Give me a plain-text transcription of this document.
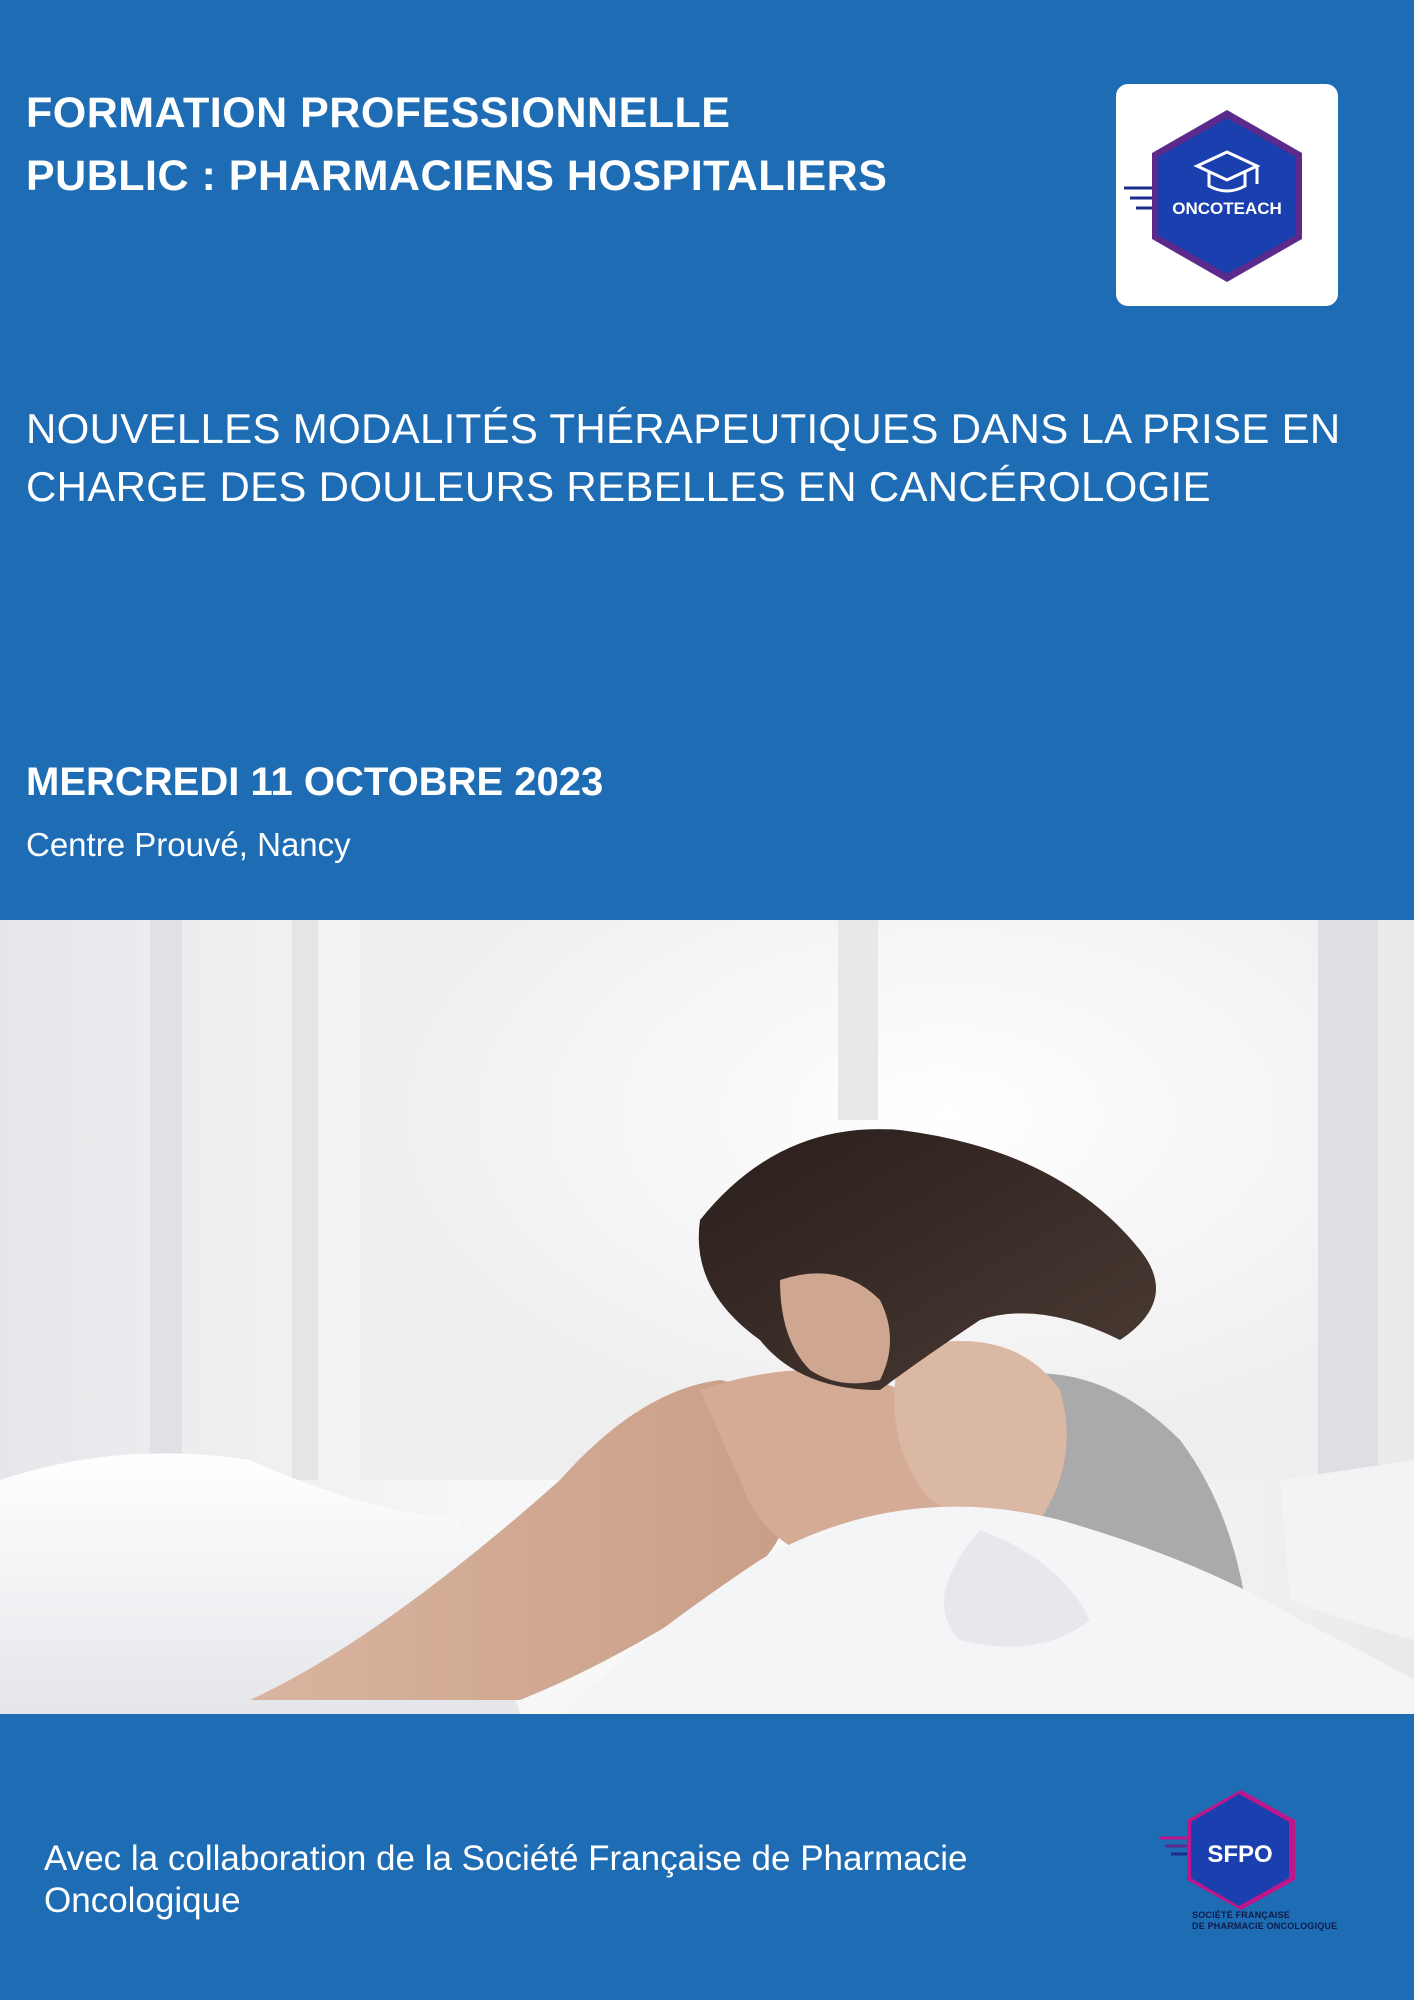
FORMATION PROFESSIONNELLE
PUBLIC : PHARMACIENS HOSPITALIERS
ONCOTEACH
NOUVELLES MODALITÉS THÉRAPEUTIQUES DANS LA PRISE EN
CHARGE DES DOULEURS REBELLES EN CANCÉROLOGIE
MERCREDI 11 OCTOBRE 2023
Centre Prouvé, Nancy
Avec la collaboration de la Société Française de Pharmacie
Oncologique
SFPO
SOCIÉTÉ FRANÇAISE
DE PHARMACIE ONCOLOGIQUE
